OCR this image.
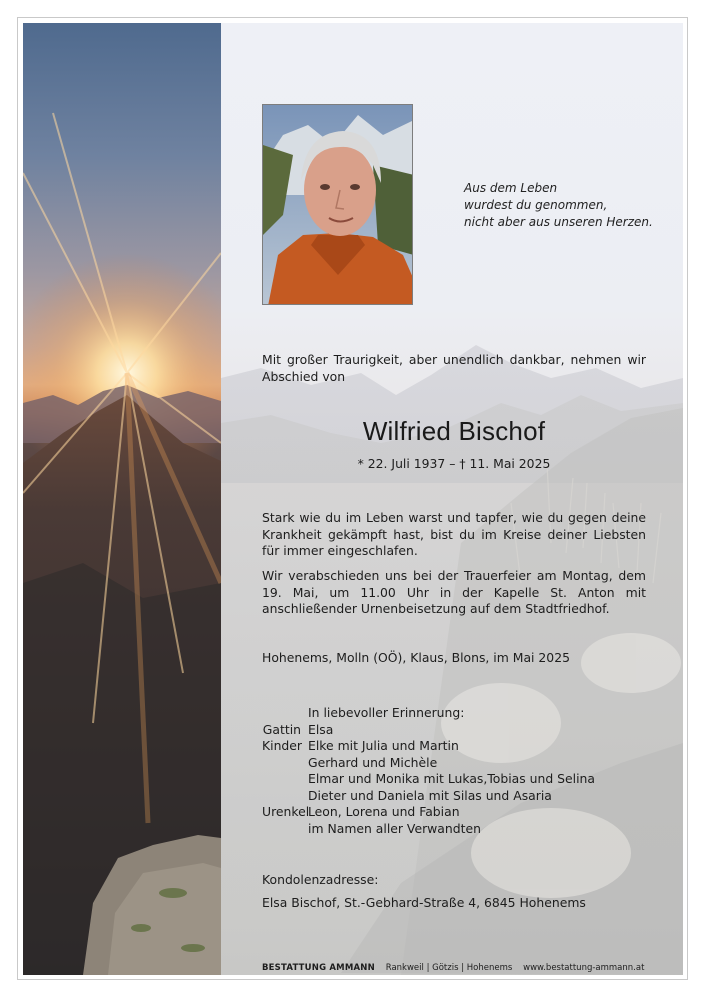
Aus dem Leben
wurdest du genommen,
nicht aber aus unseren Herzen.
Mit großer Traurigkeit, aber unendlich dankbar, nehmen wir Abschied von
Wilfried Bischof
* 22. Juli 1937 – † 11. Mai 2025
Stark wie du im Leben warst und tapfer, wie du gegen deine Krankheit gekämpft hast, bist du im Kreise deiner Liebsten für immer eingeschlafen.
Wir verabschieden uns bei der Trauerfeier am Montag, dem 19. Mai, um 11.00 Uhr in der Kapelle St. Anton mit anschließender Urnenbeisetzung auf dem Stadtfriedhof.
Hohenems, Molln (OÖ), Klaus, Blons, im Mai 2025
In liebevoller Erinnerung:
Gattin Elsa
Kinder Elke mit Julia und Martin
Gerhard und Michèle
Elmar und Monika mit Lukas,Tobias und Selina
Dieter und Daniela mit Silas und Asaria
Urenkel
Leon, Lorena und Fabian
im Namen aller Verwandten
Kondolenzadresse:
Elsa Bischof, St.-Gebhard-Straße 4, 6845 Hohenems
BESTATTUNG AMMANN Rankweil | Götzis | Hohenems www.bestattung-ammann.at
